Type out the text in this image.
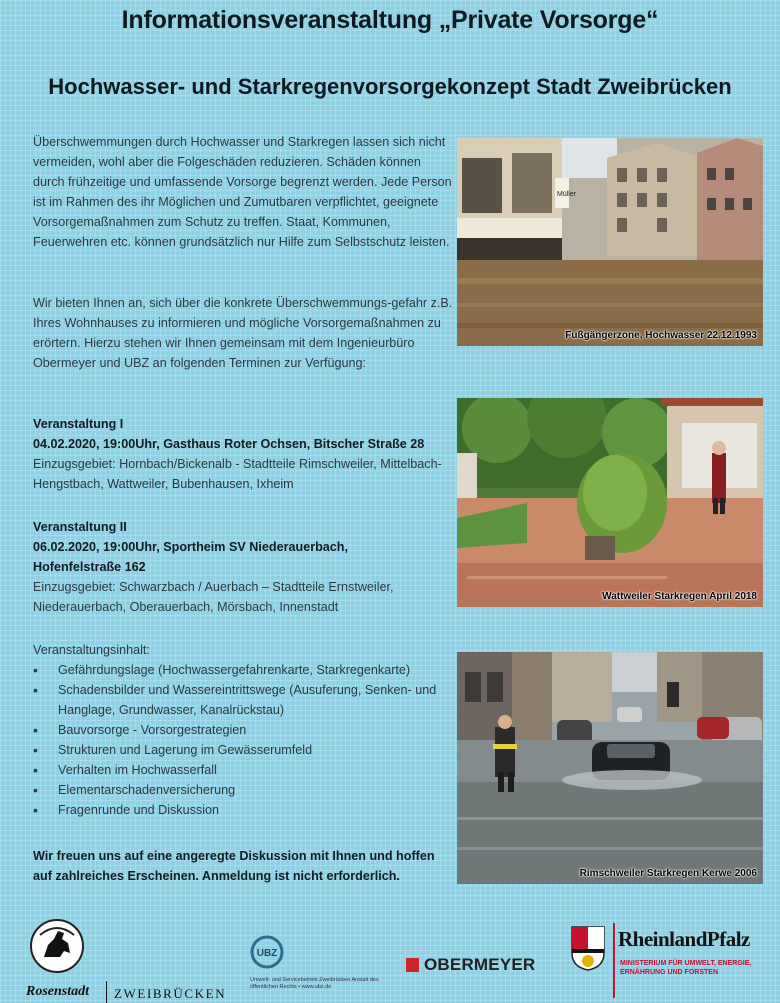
Informationsveranstaltung „Private Vorsorge“
Hochwasser- und Starkregenvorsorgekonzept Stadt Zweibrücken

Überschwemmungen durch Hochwasser und Starkregen lassen sich nicht vermeiden, wohl aber die Folgeschäden reduzieren. Schäden können durch frühzeitige und umfassende Vorsorge begrenzt werden. Jede Person ist im Rahmen des ihr Möglichen und Zumutbaren verpflichtet, geeignete Vorsorgemaßnahmen zum Schutz zu treffen. Staat, Kommunen, Feuerwehren etc. können grundsätzlich nur Hilfe zum Selbstschutz leisten.

Wir bieten Ihnen an, sich über die konkrete Überschwemmungs-gefahr z.B. Ihres Wohnhauses zu informieren und mögliche Vorsorgemaßnahmen zu erörtern. Hierzu stehen wir Ihnen gemeinsam mit dem Ingenieurbüro Obermeyer und UBZ an folgenden Terminen zur Verfügung:

Veranstaltung I

04.02.2020, 19:00Uhr, Gasthaus Roter Ochsen, Bitscher Straße 28

Einzugsgebiet: Hornbach/Bickenalb - Stadtteile Rimschweiler, Mittelbach-Hengstbach, Wattweiler, Bubenhausen, Ixheim

Veranstaltung II

06.02.2020, 19:00Uhr, Sportheim SV Niederauerbach, Hofenfelstraße 162

Einzugsgebiet: Schwarzbach / Auerbach – Stadtteile Ernstweiler, Niederauerbach, Oberauerbach, Mörsbach, Innenstadt

Veranstaltungsinhalt:

• Gefährdungslage (Hochwassergefahrenkarte, Starkregenkarte)
• Schadensbilder und Wassereintrittswege (Ausuferung, Senken- und Hanglage, Grundwasser, Kanalrückstau)
• Bauvorsorge - Vorsorgestrategien
• Strukturen und Lagerung im Gewässerumfeld
• Verhalten im Hochwasserfall
• Elementarschadenversicherung
• Fragenrunde und Diskussion

Wir freuen uns auf eine angeregte Diskussion mit Ihnen und hoffen auf zahlreiches Erscheinen. Anmeldung ist nicht erforderlich.

Müller
Fußgängerzone, Hochwasser 22.12.1993
Wattweiler Starkregen April 2018
Rimschweiler Starkregen Kerwe 2006
Rosenstadt ZWEIBRÜCKEN
UBZ
Umwelt- und Servicebetrieb Zweibrücken Anstalt des öffentlichen Rechts • www.ubz.de
OBERMEYER
RheinlandPfalz
MINISTERIUM FÜR UMWELT, ENERGIE, ERNÄHRUNG UND FORSTEN
